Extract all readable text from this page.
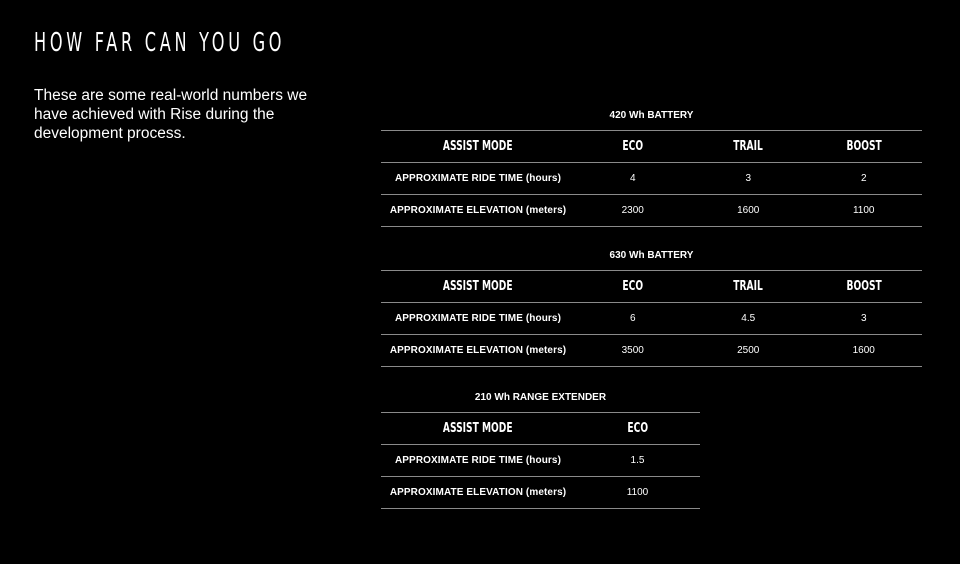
HOW FAR CAN YOU GO
These are some real-world numbers we have achieved with Rise during the development process.
420 Wh BATTERY
ASSIST MODE	ECO	TRAIL	BOOST
APPROXIMATE RIDE TIME (hours)	4	3	2
APPROXIMATE ELEVATION (meters)	2300	1600	1100
630 Wh BATTERY
ASSIST MODE	ECO	TRAIL	BOOST
APPROXIMATE RIDE TIME (hours)	6	4.5	3
APPROXIMATE ELEVATION (meters)	3500	2500	1600
210 Wh RANGE EXTENDER
ASSIST MODE	ECO
APPROXIMATE RIDE TIME (hours)	1.5
APPROXIMATE ELEVATION (meters)	1100
